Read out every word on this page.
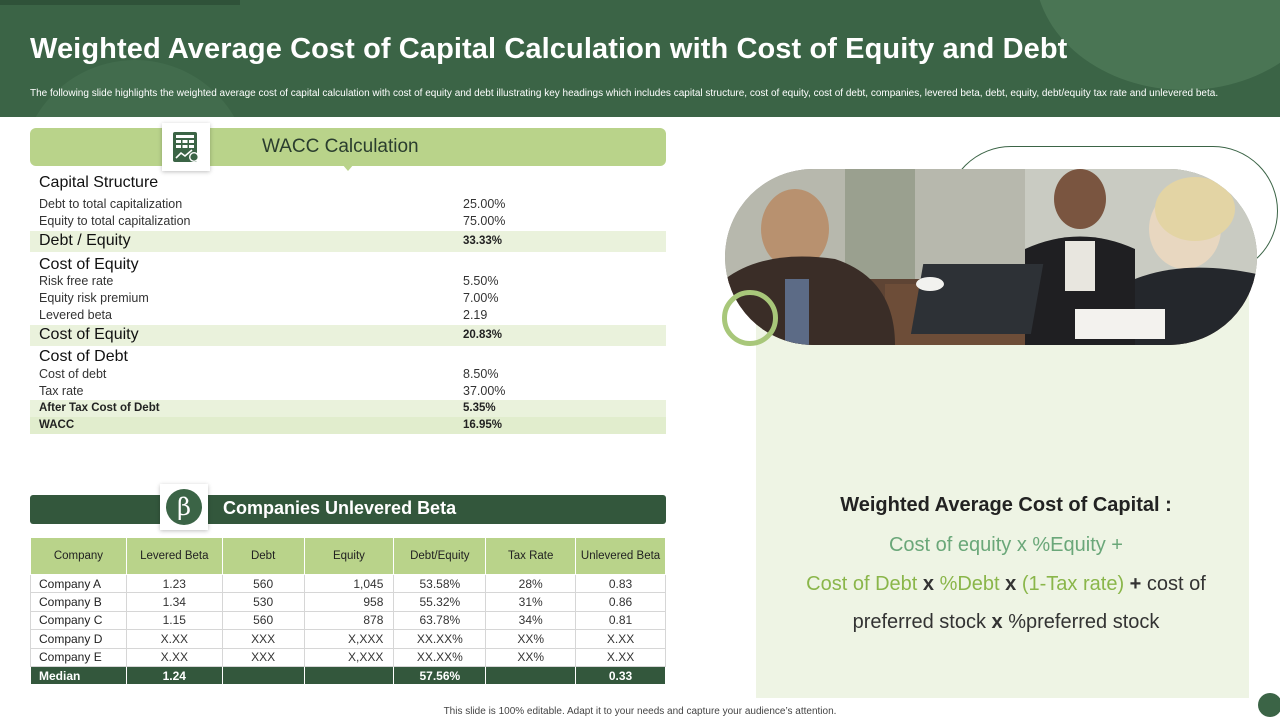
Weighted Average Cost of Capital Calculation with Cost of Equity and Debt
The following slide highlights the weighted average cost of capital calculation with cost of equity and debt illustrating key headings which includes capital structure, cost of equity, cost of debt, companies, levered beta, debt, equity, debt/equity tax rate and unlevered beta.
WACC Calculation
Capital Structure
Debt to total capitalization	25.00%
Equity to total capitalization	75.00%
Debt / Equity	33.33%
Cost of Equity
Risk free rate	5.50%
Equity risk premium	7.00%
Levered beta	2.19
Cost of Equity	20.83%
Cost of Debt
Cost of debt	8.50%
Tax rate	37.00%
After Tax Cost of Debt	5.35%
WACC	16.95%
Companies Unlevered Beta
β
Company	Levered Beta	Debt	Equity	Debt/Equity	Tax Rate	Unlevered Beta
Company A	1.23	560	1,045	53.58%	28%	0.83
Company B	1.34	530	958	55.32%	31%	0.86
Company C	1.15	560	878	63.78%	34%	0.81
Company D	X.XX	XXX	X,XXX	XX.XX%	XX%	X.XX
Company E	X.XX	XXX	X,XXX	XX.XX%	XX%	X.XX
Median	1.24			57.56%		0.33
Weighted Average Cost of Capital :
Cost of equity x %Equity +
Cost of Debt x %Debt x (1-Tax rate) + cost of
preferred stock x %preferred stock
This slide is 100% editable. Adapt it to your needs and capture your audience’s attention.
